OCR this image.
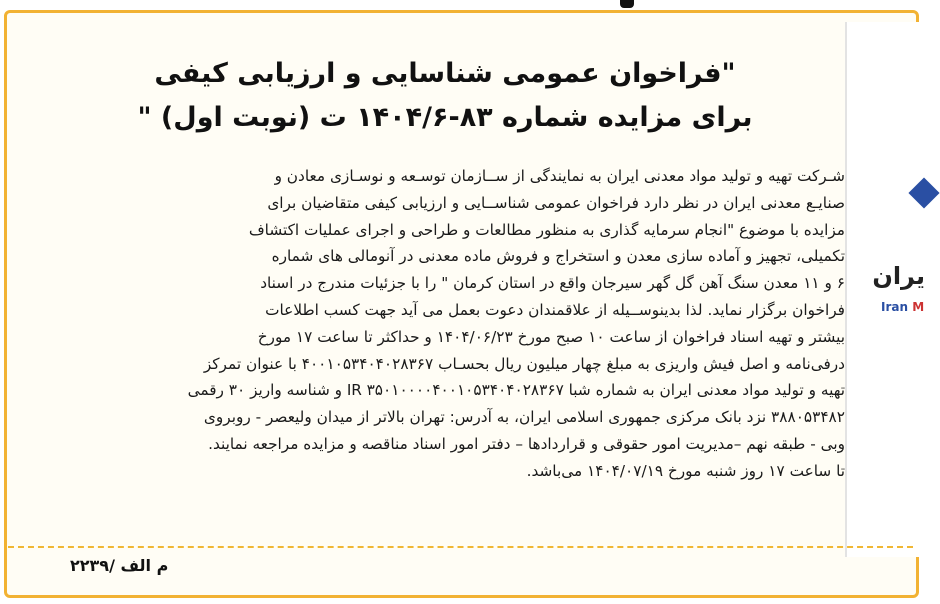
یران
Iran M
"فراخوان عمومی شناسایی و ارزیابی کیفی
برای مزایده شماره ۸۳-۱۴۰۴/۶ ت (نوبت اول) "
شـرکت تهیه و تولید مواد معدنی ایران به نمایندگی از ســازمان توسـعه و نوسـازی معادن و
صنایـع معدنی ایران در نظر دارد فراخوان عمومی شناســایی و ارزیابی کیفی متقاضیان برای
مزایده با موضوع "انجام سرمایه گذاری به منظور مطالعات و طراحی و اجرای عملیات اکتشاف
تکمیلی، تجهیز و آماده سازی معدن و استخراج و فروش ماده معدنی در آنومالی های شماره
۶ و ۱۱ معدن سنگ آهن گل گهر سیرجان واقع در استان کرمان " را با جزئیات مندرج در اسناد
فراخوان برگزار نماید. لذا بدینوســیله از علاقمندان دعوت بعمل می آید جهت کسب اطلاعات
بیشتر و تهیه اسناد فراخوان از ساعت ۱۰ صبح مورخ ۱۴۰۴/۰۶/۲۳ و حداکثر تا ساعت ۱۷ مورخ
درفی‌نامه و اصل فیش واریزی به مبلغ چهار میلیون ریال بحسـاب ۴۰۰۱۰۵۳۴۰۴۰۲۸۳۶۷ با عنوان تمرکز
تهیه و تولید مواد معدنی ایران به شماره شبا IR ۳۵۰۱۰۰۰۰۴۰۰۱۰۵۳۴۰۴۰۲۸۳۶۷ و شناسه واریز ۳۰ رقمی
۳۸۸۰۵۳۴۸۲ نزد بانک مرکزی جمهوری اسلامی ایران، به آدرس: تهران بالاتر از میدان ولیعصر - روبروی
وبی - طبقه نهم –مدیریت امور حقوقی و قراردادها – دفتر امور اسناد مناقصه و مزایده مراجعه نمایند.
تا ساعت ۱۷ روز شنبه مورخ ۱۴۰۴/۰۷/۱۹ می‌باشد.
م الف /۲۲۳۹
